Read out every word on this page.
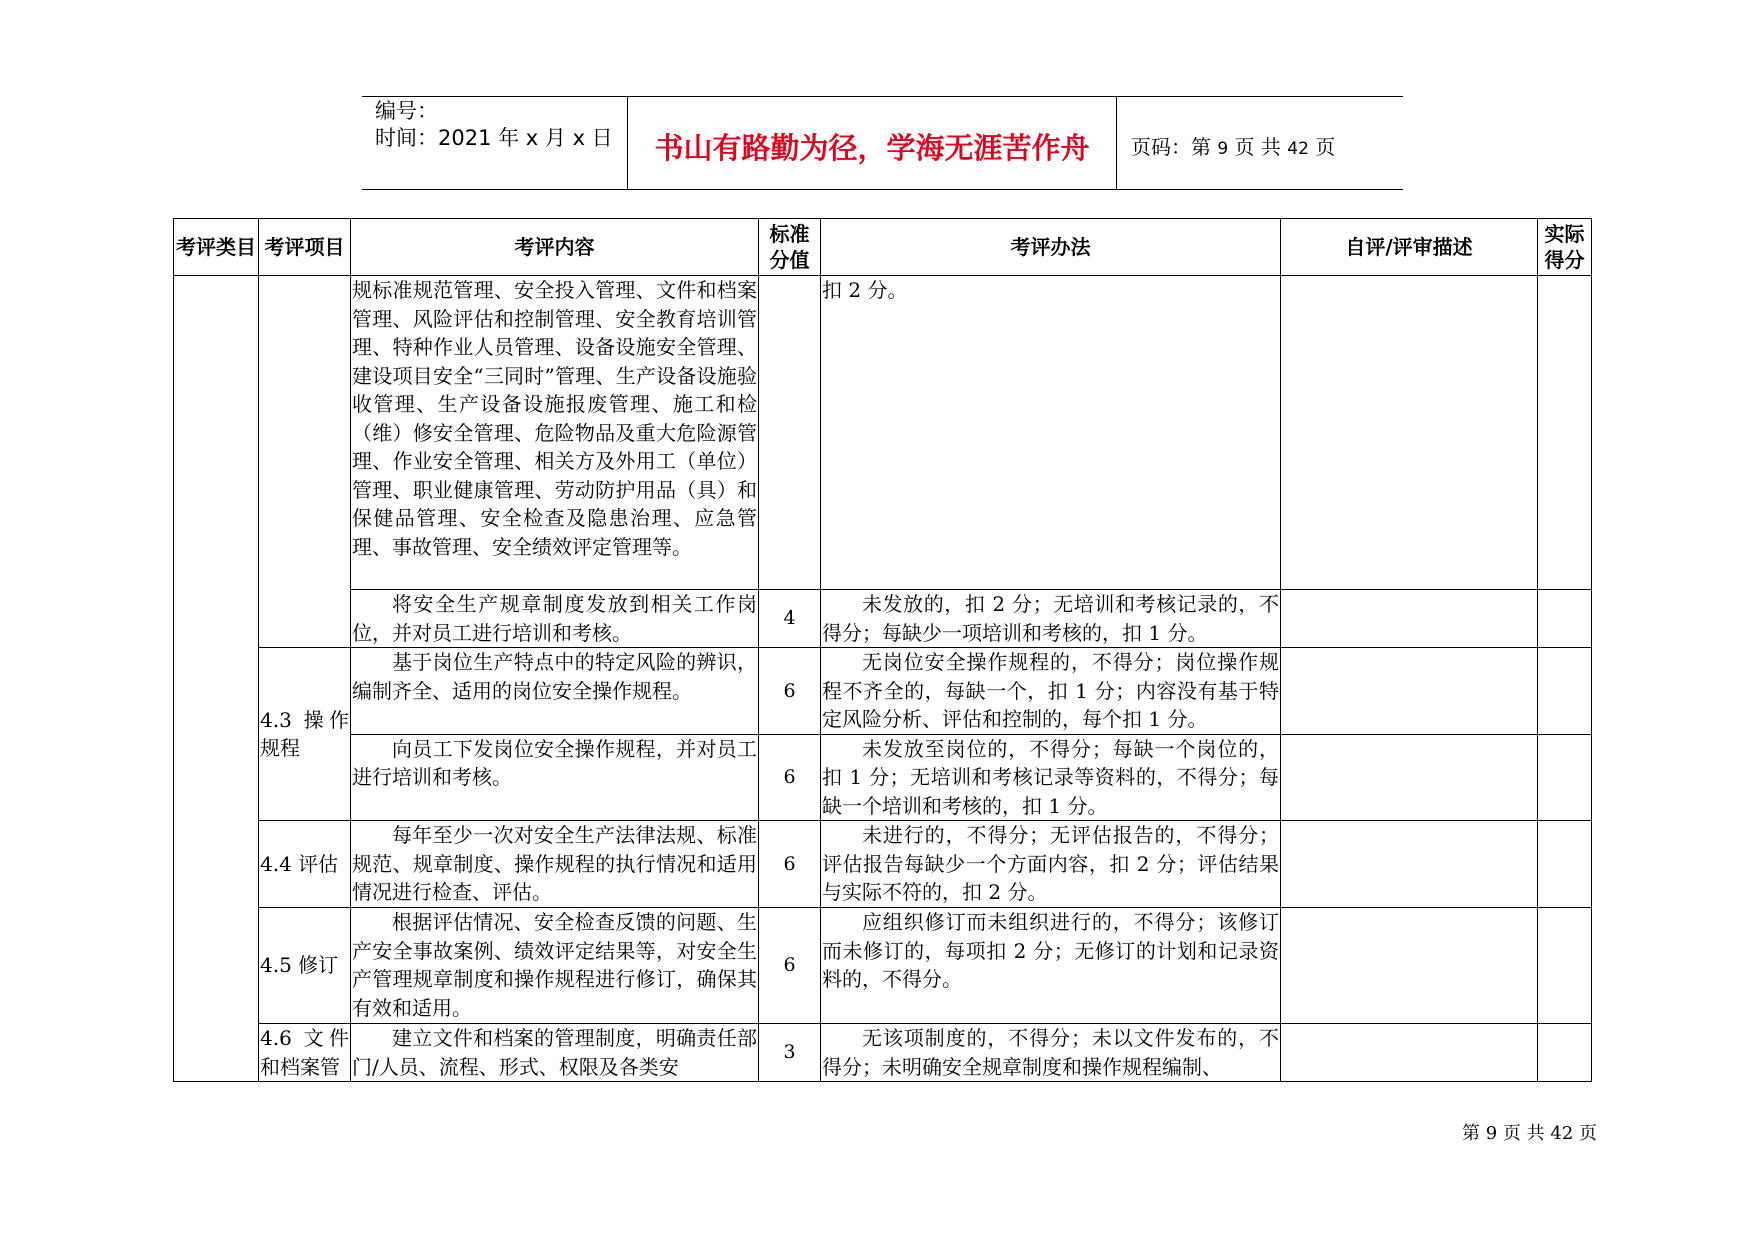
编号：
时间：2021 年 x 月 x 日	书山有路勤为径，学海无涯苦作舟	页码：第 9 页 共 42 页
考评类目	考评项目	考评内容	标准分值	考评办法	自评/评审描述	实际得分
		规标准规范管理、安全投入管理、文件和档案管理、风险评估和控制管理、安全教育培训管理、特种作业人员管理、设备设施安全管理、建设项目安全“三同时”管理、生产设备设施验收管理、生产设备设施报废管理、施工和检（维）修安全管理、危险物品及重大危险源管理、作业安全管理、相关方及外用工（单位）管理、职业健康管理、劳动防护用品（具）和保健品管理、安全检查及隐患治理、应急管理、事故管理、安全绩效评定管理等。		扣 2 分。		
		将安全生产规章制度发放到相关工作岗位，并对员工进行培训和考核。	4	未发放的，扣 2 分；无培训和考核记录的，不得分；每缺少一项培训和考核的，扣 1 分。		
	4.3 操作规程	基于岗位生产特点中的特定风险的辨识，编制齐全、适用的岗位安全操作规程。	6	无岗位安全操作规程的，不得分；岗位操作规程不齐全的，每缺一个，扣 1 分；内容没有基于特定风险分析、评估和控制的，每个扣 1 分。		
		向员工下发岗位安全操作规程，并对员工进行培训和考核。	6	未发放至岗位的，不得分；每缺一个岗位的，扣 1 分；无培训和考核记录等资料的，不得分；每缺一个培训和考核的，扣 1 分。		
	4.4 评估	每年至少一次对安全生产法律法规、标准规范、规章制度、操作规程的执行情况和适用情况进行检查、评估。	6	未进行的，不得分；无评估报告的，不得分；评估报告每缺少一个方面内容，扣 2 分；评估结果与实际不符的，扣 2 分。		
	4.5 修订	根据评估情况、安全检查反馈的问题、生产安全事故案例、绩效评定结果等，对安全生产管理规章制度和操作规程进行修订，确保其有效和适用。	6	应组织修订而未组织进行的，不得分；该修订而未修订的，每项扣 2 分；无修订的计划和记录资料的，不得分。		
	4.6 文件和档案管	建立文件和档案的管理制度，明确责任部门/人员、流程、形式、权限及各类安	3	无该项制度的，不得分；未以文件发布的，不得分；未明确安全规章制度和操作规程编制、		
第 9 页 共 42 页
